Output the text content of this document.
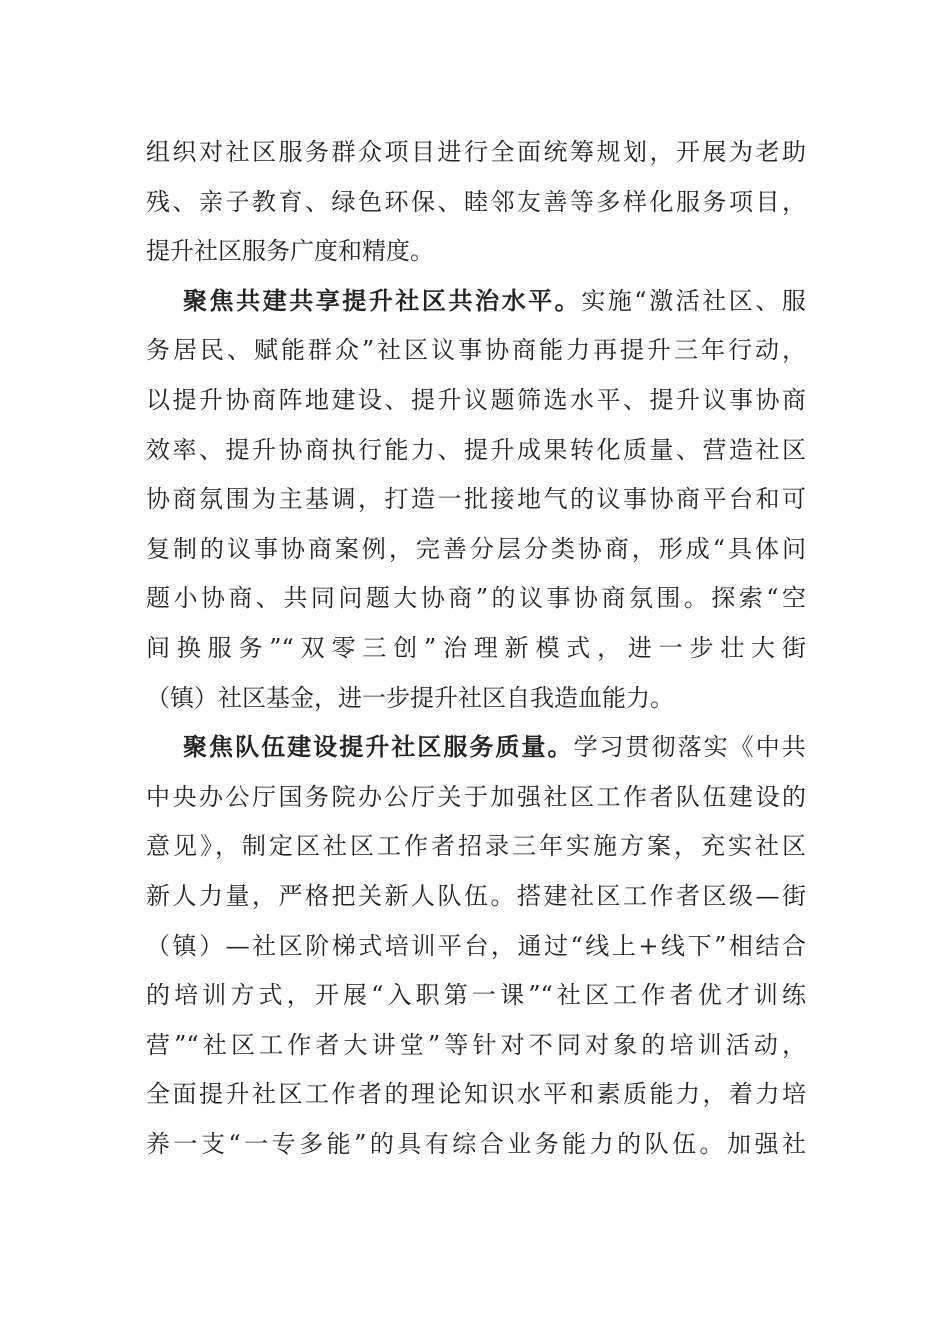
组织对社区服务群众项目进行全面统筹规划，开展为老助
残、亲子教育、绿色环保、睦邻友善等多样化服务项目，
提升社区服务广度和精度。
聚 焦 共 建 共 享 提 升 社 区 共 治 水 平 。 实 施 “ 激 活 社 区 、 服
务居民、赋能群众”社区议事协商能力再提升三年行动，
以提升协商阵地建设、提升议题筛选水平、提升议事协商
效率、提升协商执行能力、提升成果转化质量、营造社区
协商氛围为主基调，打造一批接地气的议事协商平台和可
复制的议事协商案例，完善分层分类协商，形成“具体问
题小协商、共同问题大协商”的议事协商氛围。探索“空
间换服务”“双零三创”治理新模式，进一步壮大街
（镇）社区基金，进一步提升社区自我造血能力。
聚 焦 队 伍 建 设 提 升 社 区 服 务 质 量 。 学 习 贯 彻 落 实 《 中 共
中央办公厅国务院办公厅关于加强社区工作者队伍建设的
意见》，制定区社区工作者招录三年实施方案，充实社区
新人力量，严格把关新人队伍。搭建社区工作者区级—街
（镇）—社区阶梯式培训平台，通过“线上+线下”相结合
的培训方式，开展“入职第一课”“社区工作者优才训练
营”“社区工作者大讲堂”等针对不同对象的培训活动，
全面提升社区工作者的理论知识水平和素质能力，着力培
养一支“一专多能”的具有综合业务能力的队伍。加强社
